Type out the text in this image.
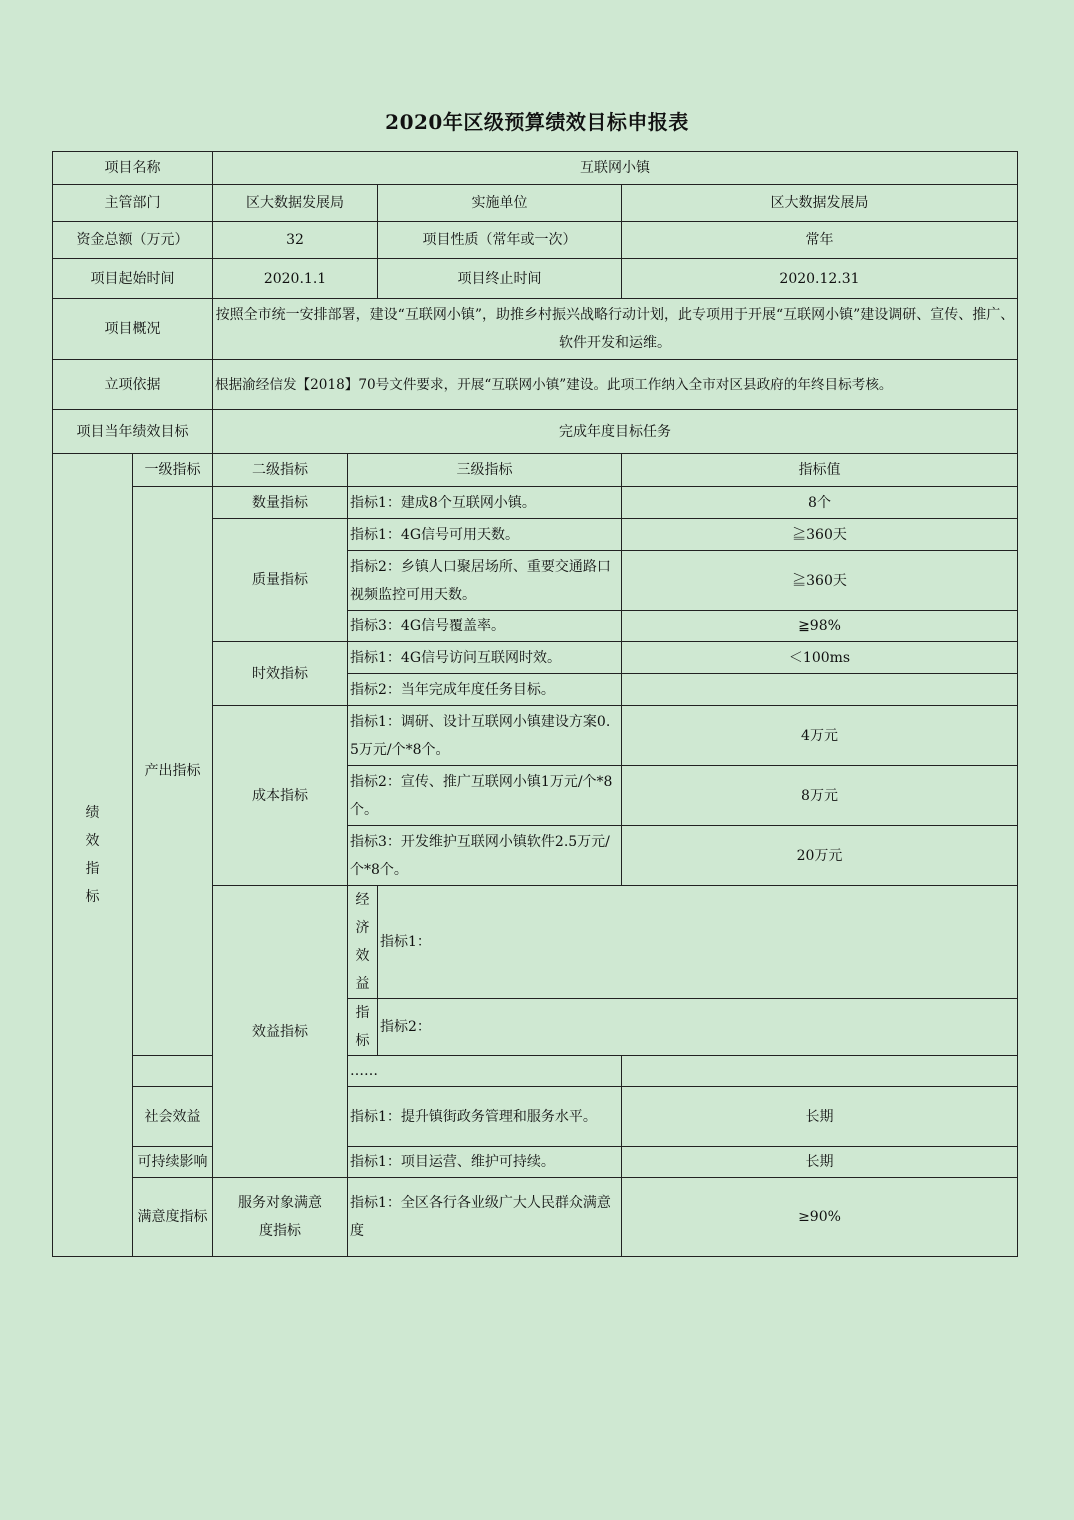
2020年区级预算绩效目标申报表
项目名称		互联网小镇				
主管部门		区大数据发展局		实施单位	区大数据发展局	
资金总额（万元）		32		项目性质（常年或一次）	常年	
项目起始时间		2020.1.1		项目终止时间	2020.12.31	
项目概况		按照全市统一安排部署，建设“互联网小镇”，助推乡村振兴战略行动计划，此专项用于开展“互联网小镇”建设调研、宣传、推广、软件开发和运维。				
立项依据		根据渝经信发【2018】70号文件要求，开展“互联网小镇”建设。此项工作纳入全市对区县政府的年终目标考核。				
项目当年绩效目标		完成年度目标任务				
绩效指标	一级指标	二级指标	三级指标		指标值	
	产出指标	数量指标	指标1：建成8个互联网小镇。		8个	
		质量指标	指标1：4G信号可用天数。		≧360天	
			指标2：乡镇人口聚居场所、重要交通路口视频监控可用天数。		≧360天	
			指标3：4G信号覆盖率。		≧98%	
		时效指标	指标1：4G信号访问互联网时效。		＜100ms	
			指标2：当年完成年度任务目标。			
		成本指标	指标1：调研、设计互联网小镇建设方案0.5万元/个*8个。		4万元	
			指标2：宣传、推广互联网小镇1万元/个*8个。		8万元	
			指标3：开发维护互联网小镇软件2.5万元/个*8个。		20万元	
		效益指标	经济效益	指标1：		
			指标	指标2：		
			……			
	社会效益		指标1：提升镇街政务管理和服务水平。		长期	
	可持续影响		指标1：项目运营、维护可持续。		长期	
	满意度指标	服务对象满意度指标	指标1：全区各行各业级广大人民群众满意度		≥90%	
